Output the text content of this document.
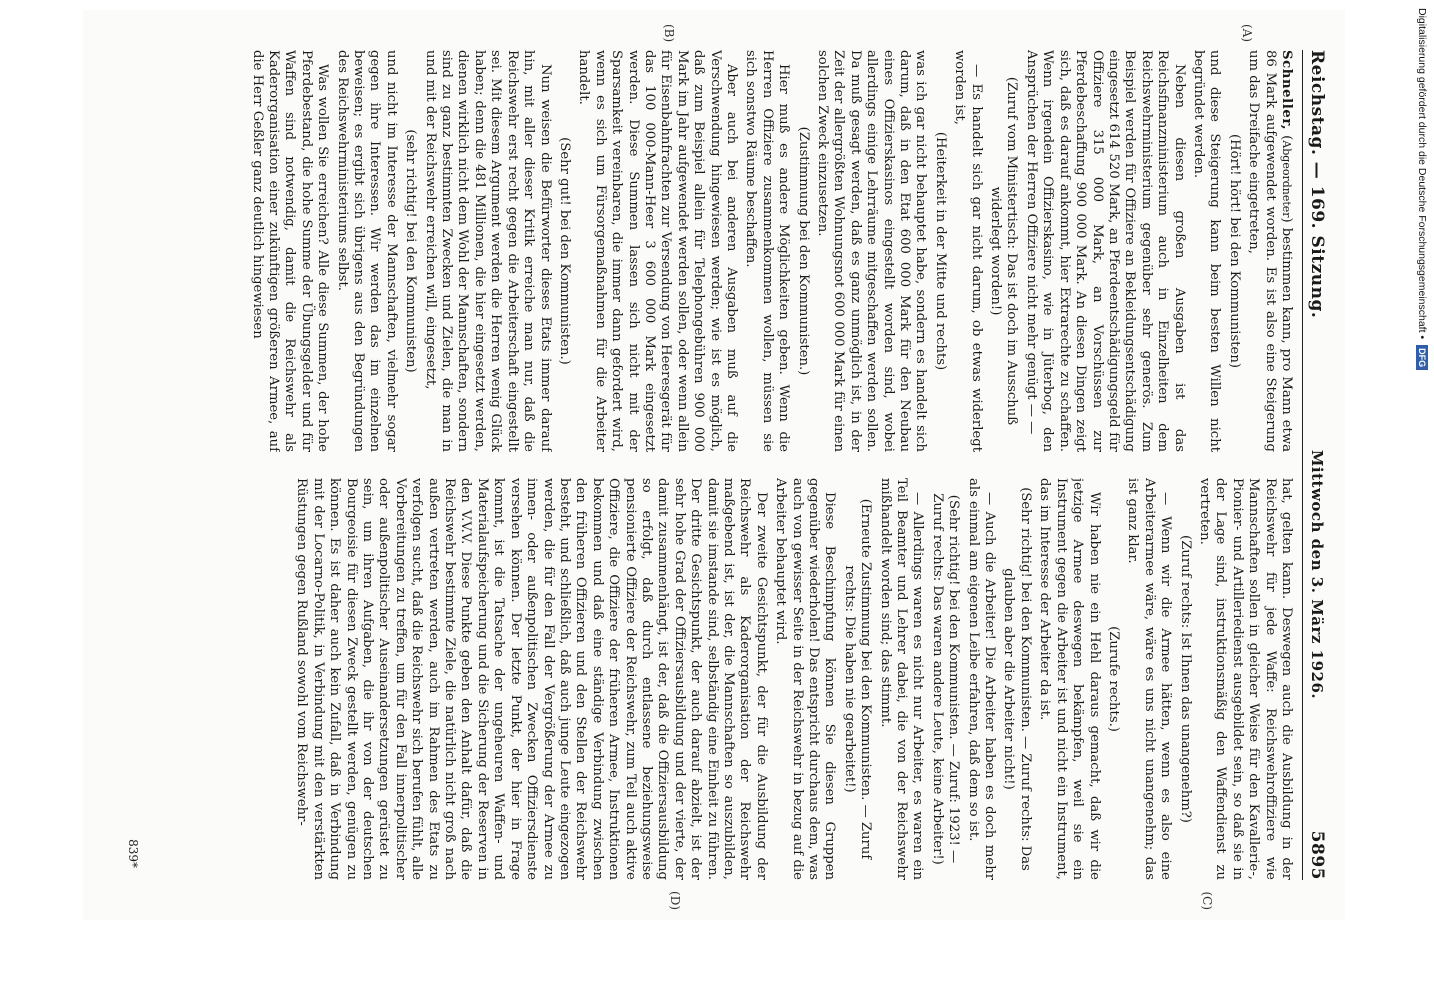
Reichstag. — 169. Sitzung.
Mittwoch den 3. März 1926.
5895
(A)
(B)
(C)
(D)

Schneller, (Abgeordneter) bestimmen kann, pro Mann etwa 86 Mark aufgewendet worden. Es ist also eine Steigerung um das Dreifache eingetreten,

(Hört! hört! bei den Kommunisten)

und diese Steigerung kann beim besten Willen nicht begründet werden.

Neben diesen großen Ausgaben ist das Reichsfinanzministerium auch in Einzelheiten dem Reichswehrministerium gegenüber sehr generös. Zum Beispiel werden für Offiziere an Bekleidungsentschädigung eingesetzt 614 520 Mark, an Pferdeentschädigungsgeld für Offiziere 315 000 Mark, an Vorschüssen zur Pferdebeschaffung 900 000 Mark. An diesen Dingen zeigt sich, daß es darauf ankommt, hier Extrarechte zu schaffen. Wenn irgendein Offizierskasino, wie in Jüterbog, den Ansprüchen der Herren Offiziere nicht mehr genügt — —

(Zuruf vom Ministertisch: Das ist doch im Ausschuß widerlegt worden!)

— Es handelt sich gar nicht darum, ob etwas widerlegt worden ist,

(Heiterkeit in der Mitte und rechts)

was ich gar nicht behauptet habe, sondern es handelt sich darum, daß in den Etat 600 000 Mark für den Neubau eines Offizierskasinos eingestellt worden sind, wobei allerdings einige Lehrräume mitgeschaffen werden sollen. Da muß gesagt werden, daß es ganz unmöglich ist, in der Zeit der allergrößten Wohnungsnot 600 000 Mark für einen solchen Zweck einzusetzen.

(Zustimmung bei den Kommunisten.)

Hier muß es andere Möglichkeiten geben. Wenn die Herren Offiziere zusammenkommen wollen, müssen sie sich sonstwo Räume beschaffen.

Aber auch bei anderen Ausgaben muß auf die Verschwendung hingewiesen werden; wie ist es möglich, daß zum Beispiel allein für Telephongebühren 900 000 Mark im Jahr aufgewendet werden sollen, oder wenn allein für Eisenbahnfrachten zur Versendung von Heeresgerät für das 100 000-Mann-Heer 3 600 000 Mark eingesetzt werden. Diese Summen lassen sich nicht mit der Sparsamkeit vereinbaren, die immer dann gefordert wird, wenn es sich um Fürsorgemaßnahmen für die Arbeiter handelt.

(Sehr gut! bei den Kommunisten.)

Nun weisen die Befürworter dieses Etats immer darauf hin, mit aller dieser Kritik erreiche man nur, daß die Reichswehr erst recht gegen die Arbeiterschaft eingestellt sei. Mit diesem Argument werden die Herren wenig Glück haben; denn die 481 Millionen, die hier eingesetzt werden, dienen wirklich nicht dem Wohl der Mannschaften, sondern sind zu ganz bestimmten Zwecken und Zielen, die man in und mit der Reichswehr erreichen will, eingesetzt,

(sehr richtig! bei den Kommunisten)

und nicht im Interesse der Mannschaften, vielmehr sogar gegen ihre Interessen. Wir werden das im einzelnen beweisen; es ergibt sich übrigens aus den Begründungen des Reichswehrministeriums selbst.

Was wollen Sie erreichen? Alle diese Summen, der hohe Pferdebestand, die hohe Summe der Übungsgelder und für Waffen sind notwendig, damit die Reichswehr als Kaderorganisation einer zukünftigen größeren Armee, auf die Herr Geßler ganz deutlich hingewiesen

hat, gelten kann. Deswegen auch die Ausbildung in der Reichswehr für jede Waffe: Reichswehroffiziere wie Mannschaften sollen in gleicher Weise für den Kavallerie-, Pionier- und Artilleriedienst ausgebildet sein, so daß sie in der Lage sind, instruktionsmäßig den Waffendienst zu vertreten.

(Zuruf rechts: Ist Ihnen das unangenehm?)

— Wenn wir die Armee hätten, wenn es also eine Arbeiterarmee wäre, wäre es uns nicht unangenehm; das ist ganz klar.

(Zurufe rechts.)

Wir haben nie ein Hehl daraus gemacht, daß wir die jetzige Armee deswegen bekämpfen, weil sie ein Instrument gegen die Arbeiter ist und nicht ein Instrument, das im Interesse der Arbeiter da ist.

(Sehr richtig! bei den Kommunisten. — Zuruf rechts: Das glauben aber die Arbeiter nicht!)

— Auch die Arbeiter! Die Arbeiter haben es doch mehr als einmal am eigenen Leibe erfahren, daß dem so ist.

(Sehr richtig! bei den Kommunisten. — Zuruf: 1923! — Zuruf rechts: Das waren andere Leute, keine Arbeiter!)

— Allerdings waren es nicht nur Arbeiter, es waren ein Teil Beamter und Lehrer dabei, die von der Reichswehr mißhandelt worden sind; das stimmt.

(Erneute Zustimmung bei den Kommunisten. — Zuruf rechts: Die haben nie gearbeitet!)

Diese Beschimpfung können Sie diesen Gruppen gegenüber wiederholen! Das entspricht durchaus dem, was auch von gewisser Seite in der Reichswehr in bezug auf die Arbeiter behauptet wird.

Der zweite Gesichtspunkt, der für die Ausbildung der Reichswehr als Kaderorganisation der Reichswehr maßgebend ist, ist der, die Mannschaften so auszubilden, damit sie imstande sind, selbständig eine Einheit zu führen. Der dritte Gesichtspunkt, der auch darauf abzielt, ist der sehr hohe Grad der Offiziersausbildung und der vierte, der damit zusammenhängt, ist der, daß die Offiziersausbildung so erfolgt, daß durch entlassene beziehungsweise pensionierte Offiziere der Reichswehr, zum Teil auch aktive Offiziere, die Offiziere der früheren Armee, Instruktionen bekommen und daß eine ständige Verbindung zwischen den früheren Offizieren und den Stellen der Reichswehr besteht, und schließlich, daß auch junge Leute eingezogen werden, die für den Fall der Vergrößerung der Armee zu innen- oder außenpolitischen Zwecken Offiziersdienste versehen können. Der letzte Punkt, der hier in Frage kommt, ist die Tatsache der ungeheuren Waffen- und Materialaufspeicherung und die Sicherung der Reserven in den V.V.V. Diese Punkte geben den Anhalt dafür, daß die Reichswehr bestimmte Ziele, die natürlich nicht groß nach außen vertreten werden, auch im Rahmen des Etats zu verfolgen sucht, daß die Reichswehr sich berufen fühlt, alle Vorbereitungen zu treffen, um für den Fall innerpolitischer oder außenpolitischer Auseinandersetzungen gerüstet zu sein, um ihren Aufgaben, die ihr von der deutschen Bourgeoisie für diesen Zweck gestellt werden, genügen zu können. Es ist daher auch kein Zufall, daß in Verbindung mit der Locarno-Politik, in Verbindung mit den verstärkten Rüstungen gegen Rußland sowohl vom Reichswehr-

839*
Digitalisierung gefördert durch die Deutsche Forschungsgemeinschaft •
DFG
